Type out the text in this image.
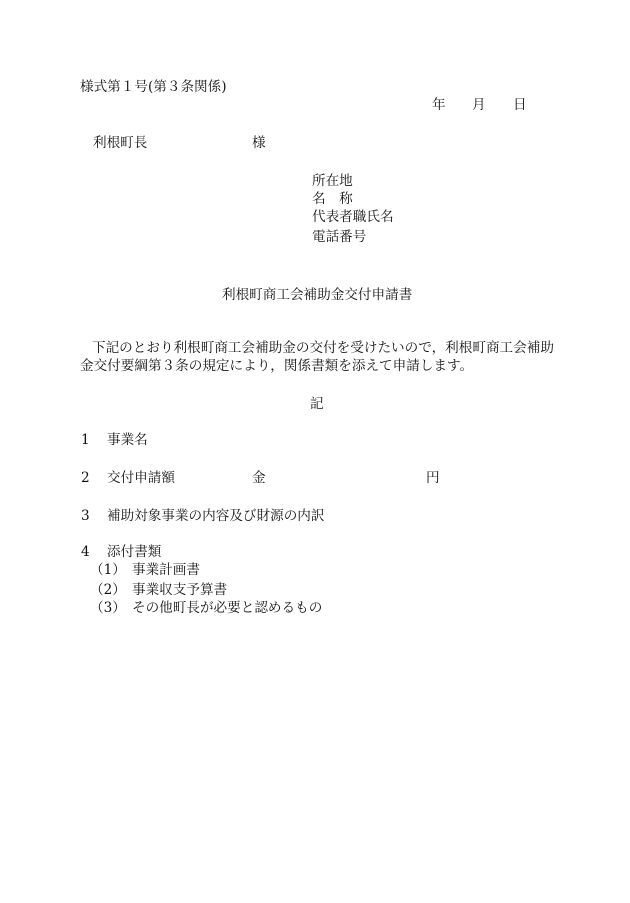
様式第１号(第３条関係)
年 月 日
利根町長	様
所在地
名　称
代表者職氏名
電話番号
利根町商工会補助金交付申請書
下記のとおり利根町商工会補助金の交付を受けたいので，利根町商工会補助
金交付要綱第３条の規定により，関係書類を添えて申請します。
記
1 事業名
2 交付申請額	金	円
3 補助対象事業の内容及び財源の内訳
4 添付書類
（1） 事業計画書
（2） 事業収支予算書
（3） その他町長が必要と認めるもの
